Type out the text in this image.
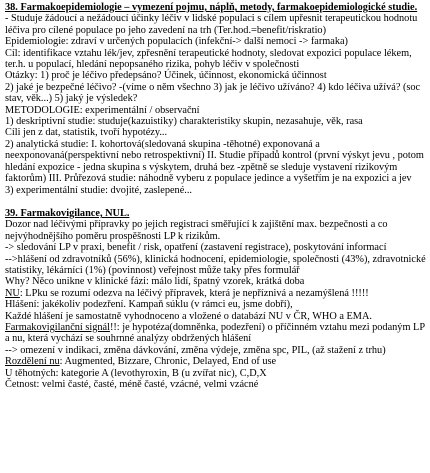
38. Farmakoepidemiologie – vymezení pojmu, náplň, metody, farmakoepidemiologické studie.
- Studuje žádoucí a nežádoucí účinky léčiv v lidské populaci s cílem upřesnit terapeutickou hodnotu léčiva pro cílené populace po jeho zavedení na trh (Ter.hod.=benefit/riskratio)
Epidemiologie: zdraví v určených populacích (infekční-> další nemoci -> farmaka)
Cíl: identifikace vztahu lék/jev, zpřesnění terapeutické hodnoty, sledovat expozici populace lékem, ter.h. u populací, hledání nepopsaného rizika, pohyb léčiv v společnosti
Otázky: 1) proč je léčivo předepsáno? Účinek, účinnost, ekonomická účinnost
2) jaké je bezpečné léčivo? -(víme o něm všechno 3) jak je léčivo užíváno? 4) kdo léčiva užívá? (soc stav, věk...) 5) jaký je výsledek?
METODOLOGIE: experimentální / observační
1) deskriptivní studie: studuje(kazuistiky) charakteristiky skupin, nezasahuje, věk, rasa
Cíli jen z dat, statistik, tvoří hypotézy...
2) analytická studie: I. kohortová(sledovaná skupina -těhotné) exponovaná a neexponovaná(perspektivní nebo retrospektivní) II. Studie případů kontrol (první výskyt jevu , potom hledání expozice - jedna skupina s výskytem, druhá bez -zpětně se sleduje vystavení rizikovým faktorům) III. Průřezová studie: náhodně vyberu z populace jedince a vyšetřím je na expozici a jev
3) experimentální studie: dvojité, zaslepené...
39. Farmakovigilance, NUL.
Dozor nad léčivými přípravky po jejich registraci směřující k zajištění max. bezpečnosti a co nejvýhodnějšího poměru prospěšnosti LP k rizikům.
-> sledování LP v praxi, benefit / risk, opatření (zastavení registrace), poskytování informací
-->hlášení od zdravotníků (56%), klinická hodnocení, epidemiologie, společnosti (43%), zdravotnické statistiky, lékárníci (1%) (povinnost) veřejnost může taky přes formulář
Why? Něco unikne v klinické fázi: málo lidí, špatný vzorek, krátká doba
NU: LPku se rozumí odezva na léčivý přípravek, která je nepříznivá a nezamýšlená !!!!!
Hlášení: jakékoliv podezření. Kampaň súklu (v rámci eu, jsme dobří),
Každé hlášení je samostatně vyhodnoceno a vložené o databází NU v ČR, WHO a EMA.
Farmakovigilanční signál!!: je hypotéza(domněnka, podezření) o příčinném vztahu mezi podaným LP a nu, která vychází se souhrnné analýzy obdržených hlášení
--> omezení v indikaci, změna dávkování, změna výdeje, změna spc, PIL, (až stažení z trhu)
Rozdělení nu: Augmented, Bizzare, Chronic, Delayed, End of use
U těhotných: kategorie A (levothyroxin, B (u zvířat nic), C,D,X
Četnost: velmi časté, časté, méně časté, vzácné, velmi vzácné
